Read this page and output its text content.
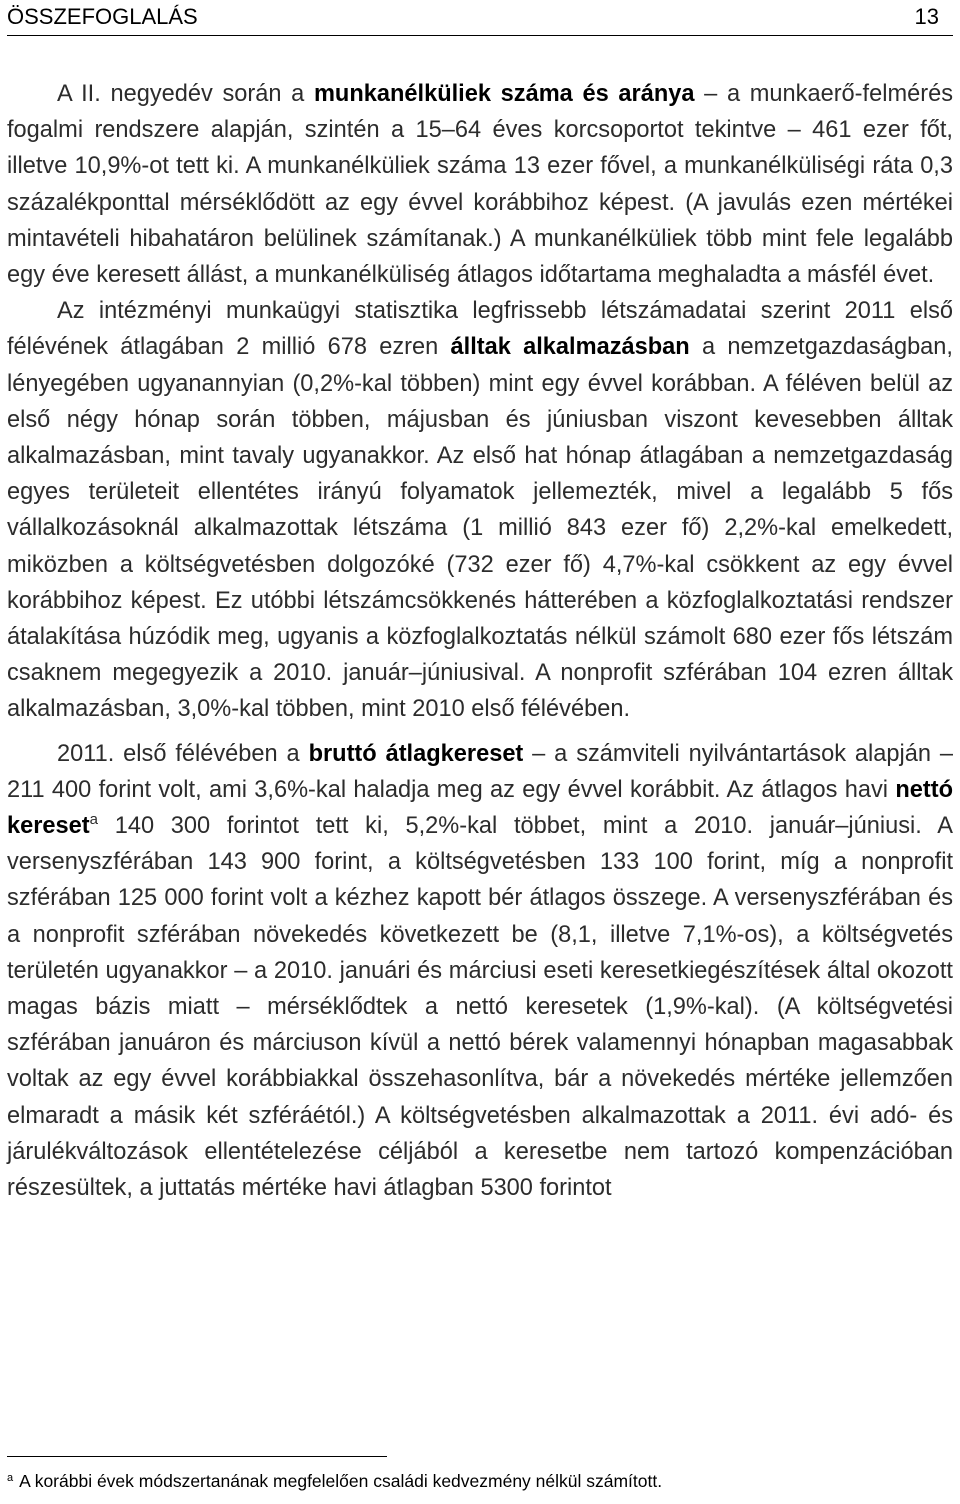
ÖSSZEFOGLALÁS	13

A II. negyedév során a munkanélküliek száma és aránya – a munkaerő-felmérés fogalmi rendszere alapján, szintén a 15–64 éves korcsoportot tekintve – 461 ezer főt, illetve 10,9%-ot tett ki. A munkanélküliek száma 13 ezer fővel, a munkanélküliségi ráta 0,3 százalékponttal mérséklődött az egy évvel korábbihoz képest. (A javulás ezen mértékei mintavételi hibahatáron belülinek számítanak.) A munkanélküliek több mint fele legalább egy éve keresett állást, a munkanélküliség átlagos időtartama meghaladta a másfél évet.

Az intézményi munkaügyi statisztika legfrissebb létszámadatai szerint 2011 első félévének átlagában 2 millió 678 ezren álltak alkalmazásban a nemzetgazdaságban, lényegében ugyanannyian (0,2%-kal többen) mint egy évvel korábban. A féléven belül az első négy hónap során többen, májusban és júniusban viszont kevesebben álltak alkalmazásban, mint tavaly ugyanakkor. Az első hat hónap átlagában a nemzetgazdaság egyes területeit ellentétes irányú folyamatok jellemezték, mivel a legalább 5 fős vállalkozásoknál alkalmazottak létszáma (1 millió 843 ezer fő) 2,2%-kal emelkedett, miközben a költségvetésben dolgozóké (732 ezer fő) 4,7%-kal csökkent az egy évvel korábbihoz képest. Ez utóbbi létszámcsökkenés hátterében a közfoglalkoztatási rendszer átalakítása húzódik meg, ugyanis a közfoglalkoztatás nélkül számolt 680 ezer fős létszám csaknem megegyezik a 2010. január–júniusival. A nonprofit szférában 104 ezren álltak alkalmazásban, 3,0%-kal többen, mint 2010 első félévében.

2011. első félévében a bruttó átlagkereset – a számviteli nyilvántartások alapján – 211 400 forint volt, ami 3,6%-kal haladja meg az egy évvel korábbit. Az átlagos havi nettó kereset$^a$ 140 300 forintot tett ki, 5,2%-kal többet, mint a 2010. január–júniusi. A versenyszférában 143 900 forint, a költségvetésben 133 100 forint, míg a nonprofit szférában 125 000 forint volt a kézhez kapott bér átlagos összege. A versenyszférában és a nonprofit szférában növekedés következett be (8,1, illetve 7,1%-os), a költségvetés területén ugyanakkor – a 2010. januári és márciusi eseti keresetkiegészítések által okozott magas bázis miatt – mérséklődtek a nettó keresetek (1,9%-kal). (A költségvetési szférában januáron és márciuson kívül a nettó bérek valamennyi hónapban magasabbak voltak az egy évvel korábbiakkal összehasonlítva, bár a növekedés mértéke jellemzően elmaradt a másik két szféráétól.) A költségvetésben alkalmazottak a 2011. évi adó- és járulékváltozások ellentételezése céljából a keresetbe nem tartozó kompenzációban részesültek, a juttatás mértéke havi átlagban 5300 forintot

$^a$ A korábbi évek módszertanának megfelelően családi kedvezmény nélkül számított.
